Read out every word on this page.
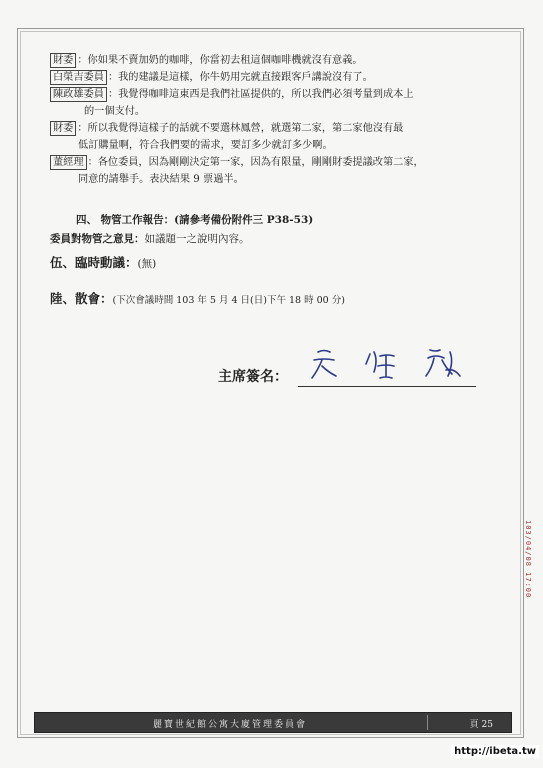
財委 ：你如果不賣加奶的咖啡，你當初去租這個咖啡機就沒有意義。
白榮吉委員 ：我的建議是這樣，你牛奶用完就直接跟客戶講說沒有了。
陳政雄委員 ：我覺得咖啡這東西是我們社區提供的，所以我們必須考量到成本上
的一個支付。
財委 ：所以我覺得這樣子的話就不要選林鳳營，就選第二家，第二家他沒有最
低訂購量啊，符合我們要的需求，要訂多少就訂多少啊。
董經理 ：各位委員，因為剛剛決定第一家，因為有限量，剛剛財委提議改第二家，
同意的請舉手。表決結果 9 票過半。
四、 物管工作報告：(請參考備份附件三 P38-53)
委員對物管之意見：如議題一之說明內容。
伍、臨時動議：(無)
陸、散會：(下次會議時間 103 年 5 月 4 日(日)下午 18 時 00 分)
主席簽名：
103/04/08 17:00
麗寶世紀館公寓大廈管理委員會	頁 25
http://ibeta.tw
